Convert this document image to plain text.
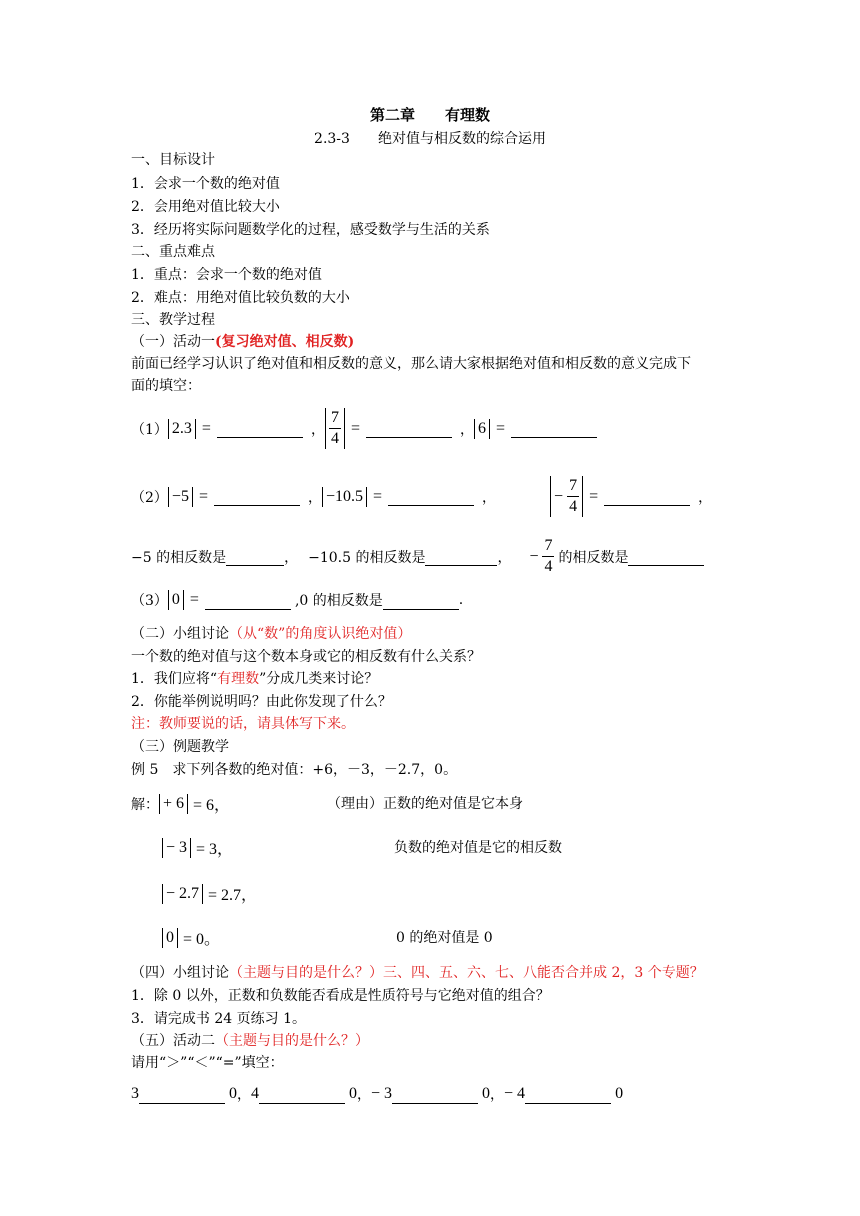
第二章　　有理数
2.3-3　　绝对值与相反数的综合运用
一、目标设计
1．会求一个数的绝对值
2．会用绝对值比较大小
3．经历将实际问题数学化的过程，感受数学与生活的关系
二、重点难点
1．重点：会求一个数的绝对值
2．难点：用绝对值比较负数的大小
三、教学过程
（一）活动一(复习绝对值、相反数)
前面已经学习认识了绝对值和相反数的意义，那么请大家根据绝对值和相反数的意义完成下
面的填空：
（1） 2.3 =	， $\frac{7}{4}$ =	， 6 =
（2） −5 =	， −10.5 =	，	− $\frac{7}{4}$ =	，
−5 的相反数是	， −10.5 的相反数是	， − $\frac{7}{4}$ 的相反数是
（3） 0 =	,0 的相反数是	.
（二）小组讨论（从“数”的角度认识绝对值）
一个数的绝对值与这个数本身或它的相反数有什么关系？
1．我们应将“有理数”分成几类来讨论？
2．你能举例说明吗？由此你发现了什么？
注：教师要说的话，请具体写下来。
（三）例题教学
例 5　求下列各数的绝对值：+6，－3，－2.7，0。
解： + 6 = 6，	（理由）正数的绝对值是它本身
− 3 = 3，	负数的绝对值是它的相反数
− 2.7 = 2.7，
0 = 0。	0 的绝对值是 0
（四）小组讨论（主题与目的是什么？）三、四、五、六、七、八能否合并成 2，3 个专题？
1．除 0 以外，正数和负数能否看成是性质符号与它绝对值的组合？
3．请完成书 24 页练习 1。
（五）活动二（主题与目的是什么？）
请用“＞”“＜”“=”填空：
3	0 ， 4	0 ， − 3	0 ， − 4	0
